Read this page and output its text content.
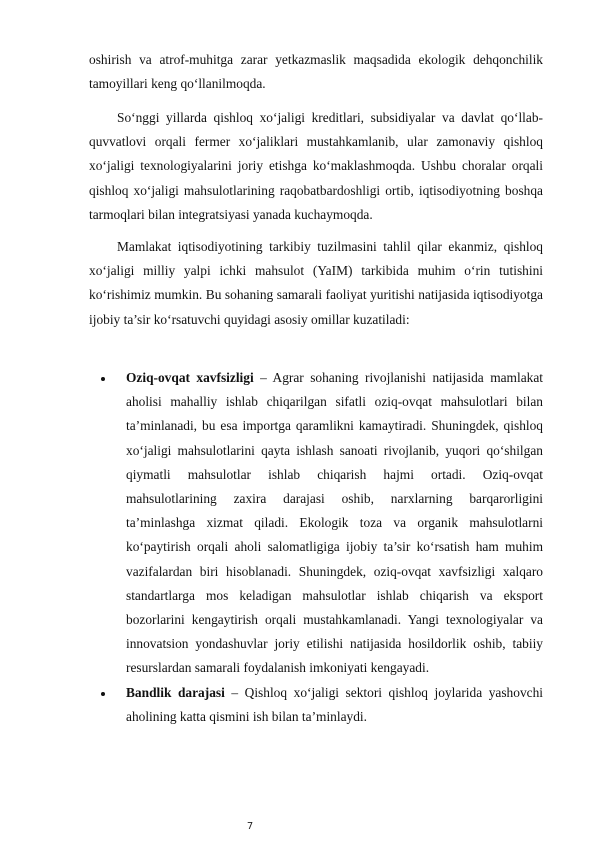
oshirish va atrof-muhitga zarar yetkazmaslik maqsadida ekologik dehqonchilik tamoyillari keng qo‘llanilmoqda.

So‘nggi yillarda qishloq xo‘jaligi kreditlari, subsidiyalar va davlat qo‘llab-quvvatlovi orqali fermer xo‘jaliklari mustahkamlanib, ular zamonaviy qishloq xo‘jaligi texnologiyalarini joriy etishga ko‘maklashmoqda. Ushbu choralar orqali qishloq xo‘jaligi mahsulotlarining raqobatbardoshligi ortib, iqtisodiyotning boshqa tarmoqlari bilan integratsiyasi yanada kuchaymoqda.

Mamlakat iqtisodiyotining tarkibiy tuzilmasini tahlil qilar ekanmiz, qishloq xo‘jaligi milliy yalpi ichki mahsulot (YaIM) tarkibida muhim o‘rin tutishini ko‘rishimiz mumkin. Bu sohaning samarali faoliyat yuritishi natijasida iqtisodiyotga ijobiy ta’sir ko‘rsatuvchi quyidagi asosiy omillar kuzatiladi:

Oziq-ovqat xavfsizligi – Agrar sohaning rivojlanishi natijasida mamlakat aholisi mahalliy ishlab chiqarilgan sifatli oziq-ovqat mahsulotlari bilan ta’minlanadi, bu esa importga qaramlikni kamaytiradi. Shuningdek, qishloq xo‘jaligi mahsulotlarini qayta ishlash sanoati rivojlanib, yuqori qo‘shilgan qiymatli mahsulotlar ishlab chiqarish hajmi ortadi. Oziq-ovqat mahsulotlarining zaxira darajasi oshib, narxlarning barqarorligini ta’minlashga xizmat qiladi. Ekologik toza va organik mahsulotlarni ko‘paytirish orqali aholi salomatligiga ijobiy ta’sir ko‘rsatish ham muhim vazifalardan biri hisoblanadi. Shuningdek, oziq-ovqat xavfsizligi xalqaro standartlarga mos keladigan mahsulotlar ishlab chiqarish va eksport bozorlarini kengaytirish orqali mustahkamlanadi. Yangi texnologiyalar va innovatsion yondashuvlar joriy etilishi natijasida hosildorlik oshib, tabiiy resurslardan samarali foydalanish imkoniyati kengayadi.
Bandlik darajasi – Qishloq xo‘jaligi sektori qishloq joylarida yashovchi aholining katta qismini ish bilan ta’minlaydi.
7
